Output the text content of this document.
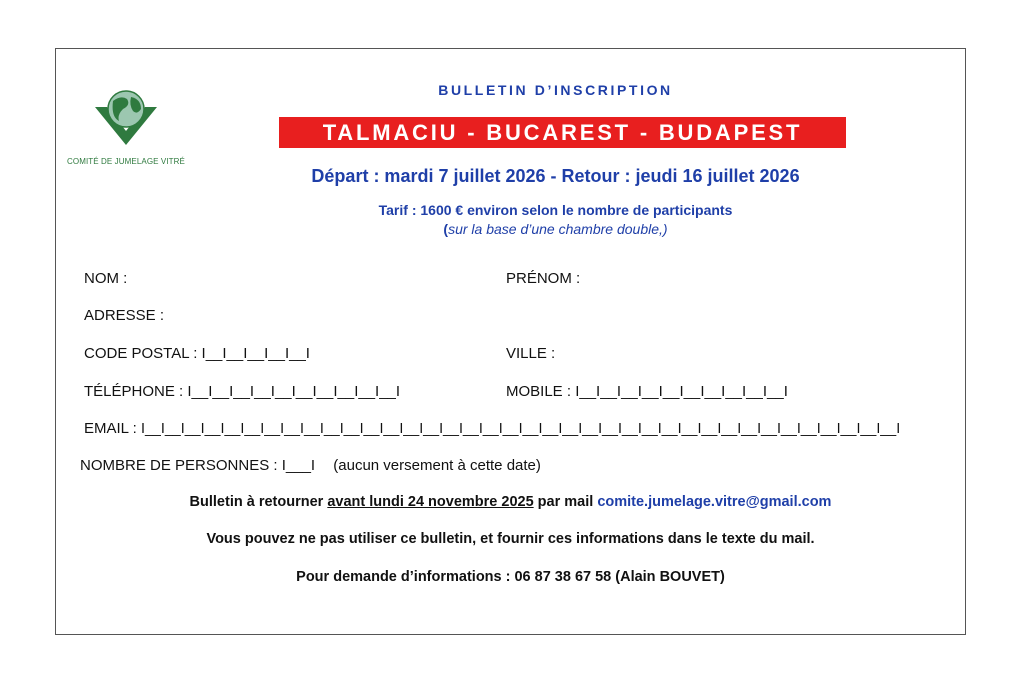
COMITÉ DE JUMELAGE VITRÉ
BULLETIN D’INSCRIPTION
TALMACIU - BUCAREST - BUDAPEST
Départ : mardi 7 juillet 2026 - Retour : jeudi 16 juillet 2026
Tarif : 1600 € environ selon le nombre de participants
(sur la base d’une chambre double,)
NOM :	PRÉNOM :
ADRESSE :
CODE POSTAL : I__I__I__I__I__I	VILLE :
TÉLÉPHONE : I__I__I__I__I__I__I__I__I__I__I	MOBILE : I__I__I__I__I__I__I__I__I__I__I
EMAIL : I__I__I__I__I__I__I__I__I__I__I__I__I__I__I__I__I__I__I__I__I__I__I__I__I__I__I__I__I__I__I__I__I__I__I__I__I__I__I
NOMBRE DE PERSONNES : I___I (aucun versement à cette date)
Bulletin à retourner avant lundi 24 novembre 2025 par mail comite.jumelage.vitre@gmail.com
Vous pouvez ne pas utiliser ce bulletin, et fournir ces informations dans le texte du mail.
Pour demande d’informations : 06 87 38 67 58 (Alain BOUVET)
